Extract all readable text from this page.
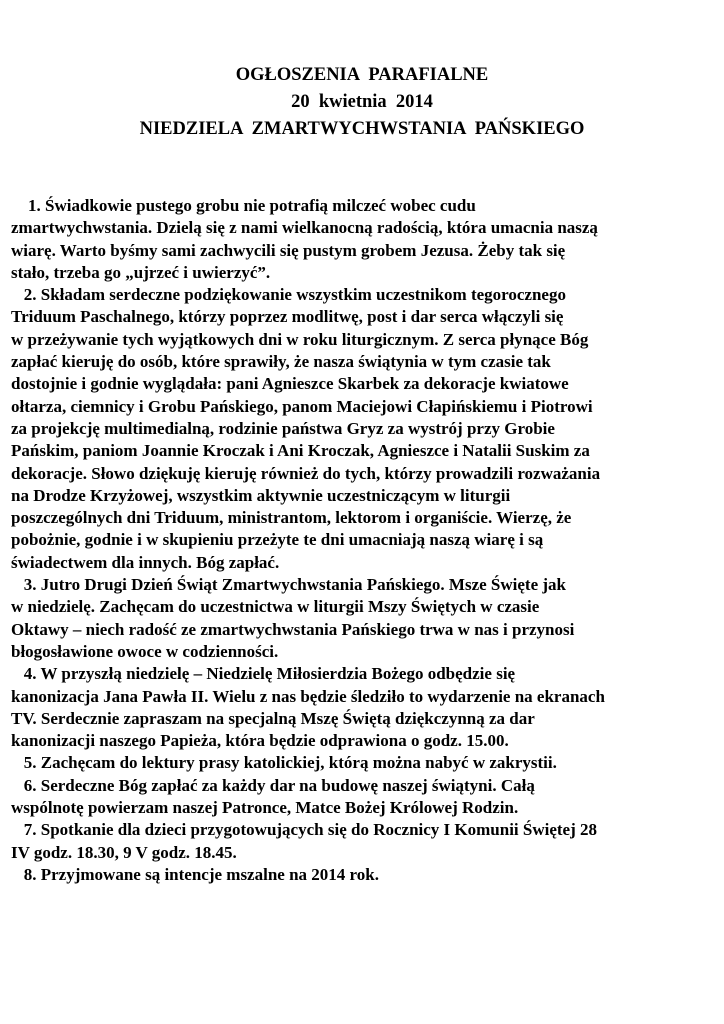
OGŁOSZENIA  PARAFIALNE
20  kwietnia  2014
NIEDZIELA  ZMARTWYCHWSTANIA  PAŃSKIEGO
1. Świadkowie pustego grobu nie potrafią milczeć wobec cudu
zmartwychwstania. Dzielą się z nami wielkanocną radością, która umacnia naszą
wiarę. Warto byśmy sami zachwycili się pustym grobem Jezusa. Żeby tak się
stało, trzeba go „ujrzeć i uwierzyć”.
2. Składam serdeczne podziękowanie wszystkim uczestnikom tegorocznego
Triduum Paschalnego, którzy poprzez modlitwę, post i dar serca włączyli się
w przeżywanie tych wyjątkowych dni w roku liturgicznym. Z serca płynące Bóg
zapłać kieruję do osób, które sprawiły, że nasza świątynia w tym czasie tak
dostojnie i godnie wyglądała: pani Agnieszce Skarbek za dekoracje kwiatowe
ołtarza, ciemnicy i Grobu Pańskiego, panom Maciejowi Cłapińskiemu i Piotrowi
za projekcję multimedialną, rodzinie państwa Gryz za wystrój przy Grobie
Pańskim, paniom Joannie Kroczak i Ani Kroczak, Agnieszce i Natalii Suskim za
dekoracje. Słowo dziękuję kieruję również do tych, którzy prowadzili rozważania
na Drodze Krzyżowej, wszystkim aktywnie uczestniczącym w liturgii
poszczególnych dni Triduum, ministrantom, lektorom i organiście. Wierzę, że
pobożnie, godnie i w skupieniu przeżyte te dni umacniają naszą wiarę i są
świadectwem dla innych. Bóg zapłać.
3. Jutro Drugi Dzień Świąt Zmartwychwstania Pańskiego. Msze Święte jak
w niedzielę. Zachęcam do uczestnictwa w liturgii Mszy Świętych w czasie
Oktawy – niech radość ze zmartwychwstania Pańskiego trwa w nas i przynosi
błogosławione owoce w codzienności.
4. W przyszłą niedzielę – Niedzielę Miłosierdzia Bożego odbędzie się
kanonizacja Jana Pawła II. Wielu z nas będzie śledziło to wydarzenie na ekranach
TV. Serdecznie zapraszam na specjalną Mszę Świętą dziękczynną za dar
kanonizacji naszego Papieża, która będzie odprawiona o godz. 15.00.
5. Zachęcam do lektury prasy katolickiej, którą można nabyć w zakrystii.
6. Serdeczne Bóg zapłać za każdy dar na budowę naszej świątyni. Całą
wspólnotę powierzam naszej Patronce, Matce Bożej Królowej Rodzin.
7. Spotkanie dla dzieci przygotowujących się do Rocznicy I Komunii Świętej 28
IV godz. 18.30, 9 V godz. 18.45.
8. Przyjmowane są intencje mszalne na 2014 rok.
